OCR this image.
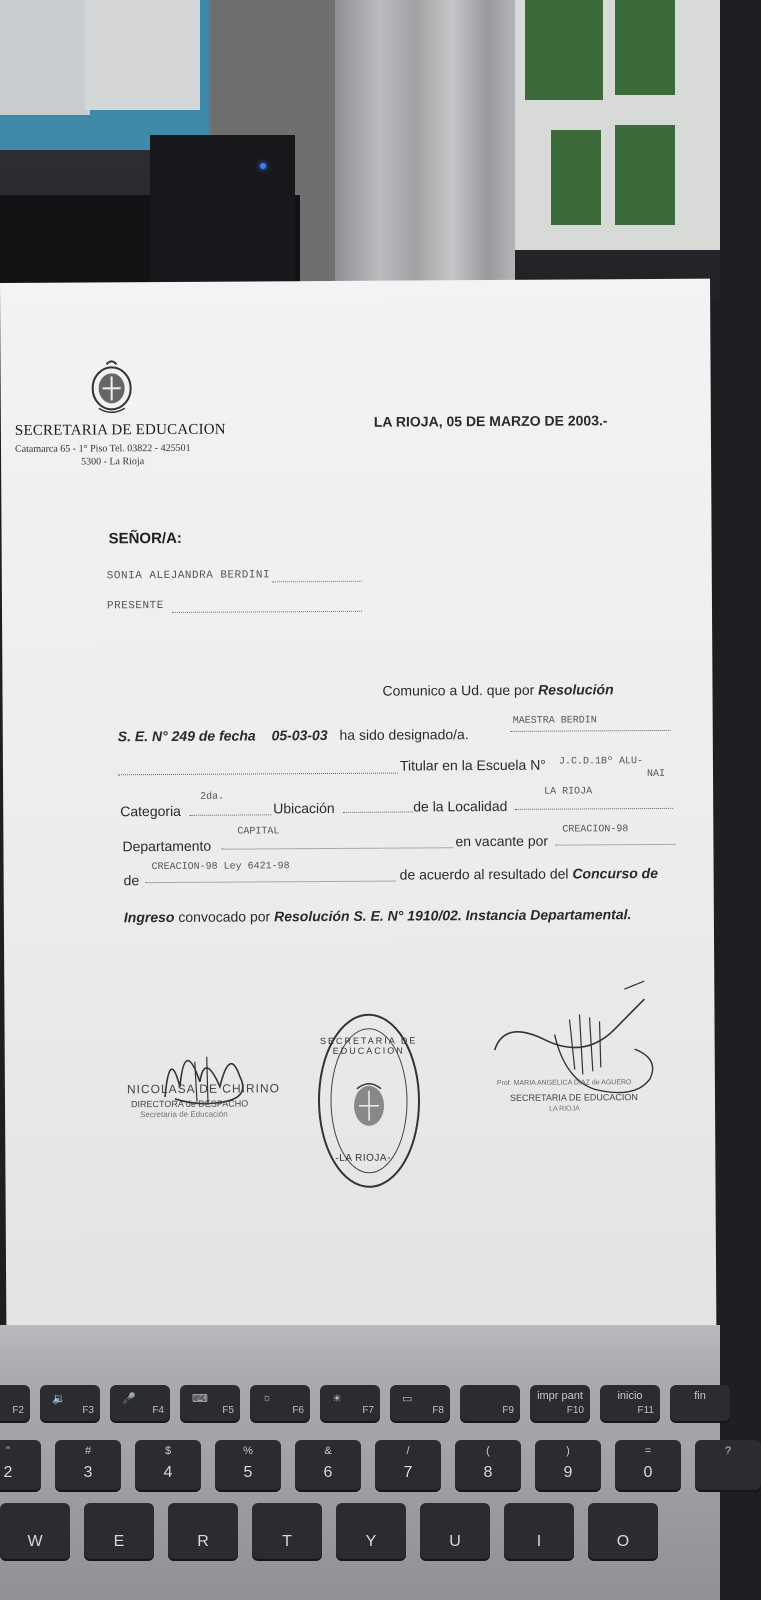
SECRETARIA DE EDUCACION
Catamarca 65 - 1° Piso Tel. 03822 - 425501
5300 - La Rioja
LA RIOJA, 05 DE MARZO DE 2003.-
SEÑOR/A:
SONIA ALEJANDRA BERDINI
PRESENTE
Comunico a Ud. que por Resolución
S. E. N° 249 de fecha 05-03-03 ha sido designado/a.
MAESTRA BERDIN
Titular en la Escuela N° J.C.D.1Bº ALU-
NAI
Categoria
2da.
Ubicación	de la Localidad
LA RIOJA
Departamento
CAPITAL
en vacante por
CREACION-98
de
CREACION-98 Ley 6421-98	de acuerdo al resultado del Concurso de
Ingreso convocado por Resolución S. E. N° 1910/02. Instancia Departamental.
NICOLASA DE CHIRINO
DIRECTORA de DESPACHO
Secretaría de Educación
SECRETARIA DE EDUCACION
-LA RIOJA-
Prof. MARIA ANGELICA DIAZ de AGUERO
SECRETARIA DE EDUCACION
LA RIOJA
F2
🔉
F3
🎤
F4
⌨
F5
☼
F6
☀
F7
▭
F8	F9
impr pant
F10
inicio
F11
fin
"
2
#
3
$
4
%
5
&
6
/
7
(
8
)
9
=
0
?
W	E	R	T	Y	U	I	O
